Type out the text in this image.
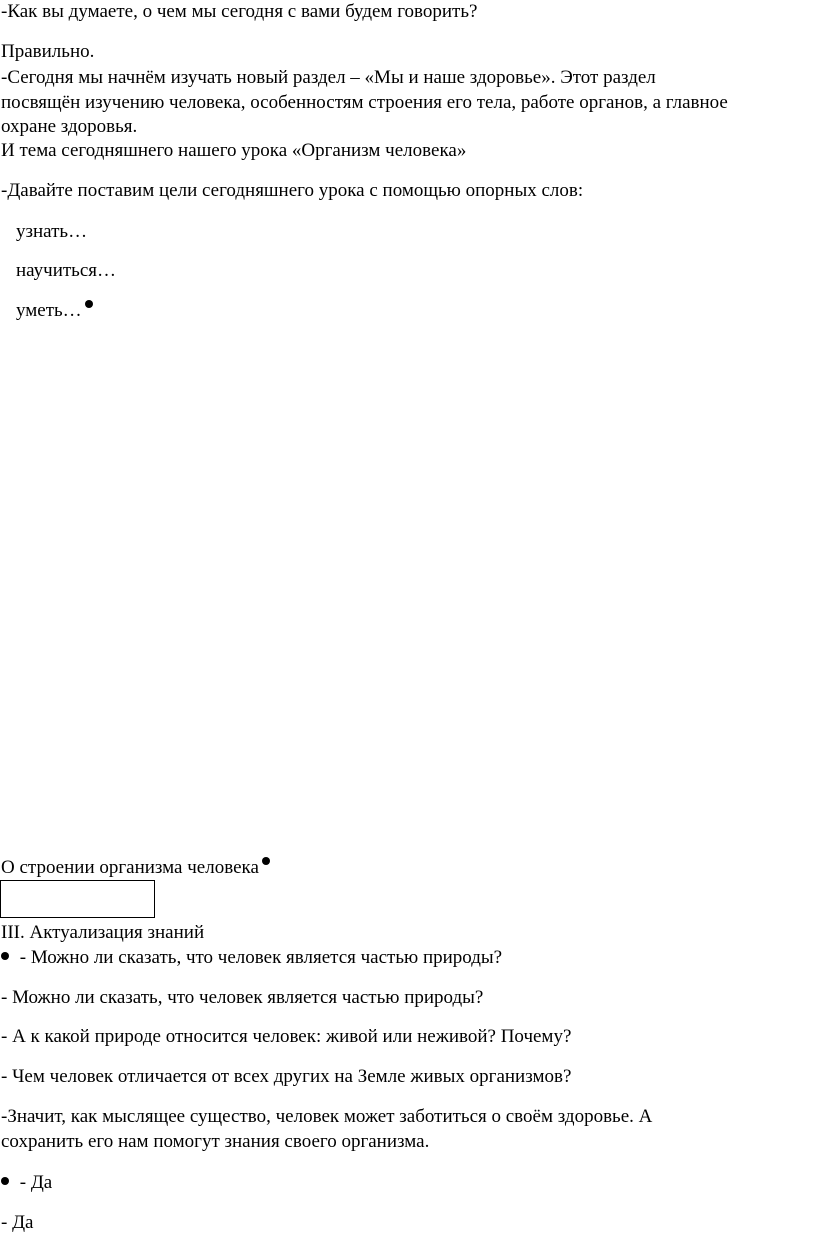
-Как вы думаете, о чем мы сегодня с вами будем говорить?
Правильно.
-Сегодня мы начнём изучать новый раздел – «Мы и наше здоровье». Этот раздел
посвящён изучению человека, особенностям строения его тела, работе органов, а главное
охране здоровья.
И тема сегодняшнего нашего урока «Организм человека»
-Давайте поставим цели сегодняшнего урока с помощью опорных слов:
узнать…
научиться…
уметь…
О строении организма человека
III. Актуализация знаний
- Можно ли сказать, что человек является частью природы?
- Можно ли сказать, что человек является частью природы?
- А к какой природе относится человек: живой или неживой? Почему?
- Чем человек отличается от всех других на Земле живых организмов?
-Значит, как мыслящее существо, человек может заботиться о своём здоровье. А
сохранить его нам помогут знания своего организма.
- Да
- Да
